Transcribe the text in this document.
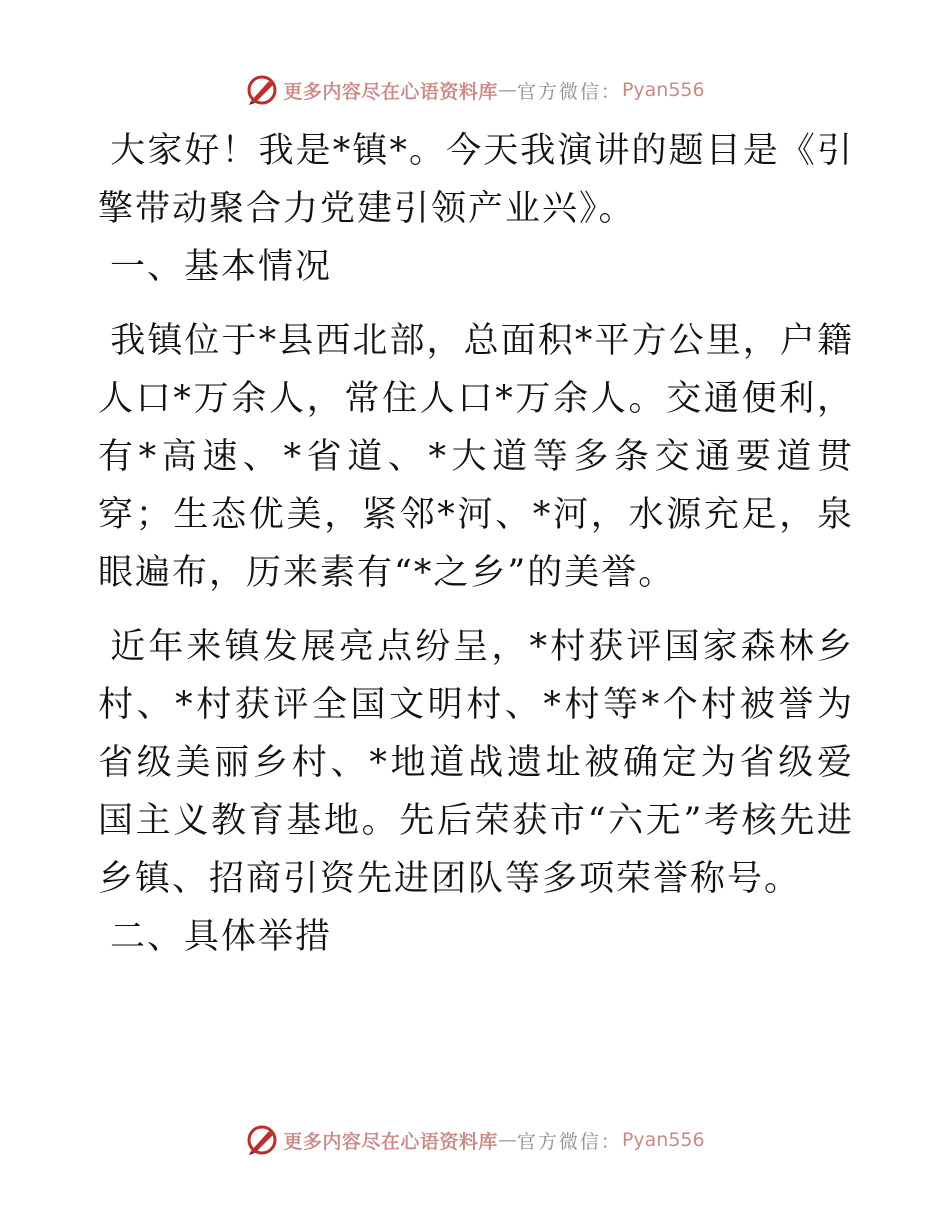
更多内容尽在心语资料库 — 官方微信： Pyan556

大家好！我是*镇*。今天我演讲的题目是《引擎带动聚合力党建引领产业兴》。

一、基本情况

我镇位于*县西北部，总面积*平方公里，户籍人口*万余人，常住人口*万余人。交通便利，有*高速、*省道、*大道等多条交通要道贯穿；生态优美，紧邻*河、*河，水源充足，泉眼遍布，历来素有“*之乡”的美誉。

近年来镇发展亮点纷呈，*村获评国家森林乡村、*村获评全国文明村、*村等*个村被誉为省级美丽乡村、*地道战遗址被确定为省级爱国主义教育基地。先后荣获市“六无”考核先进乡镇、招商引资先进团队等多项荣誉称号。

二、具体举措

更多内容尽在心语资料库 — 官方微信： Pyan556
